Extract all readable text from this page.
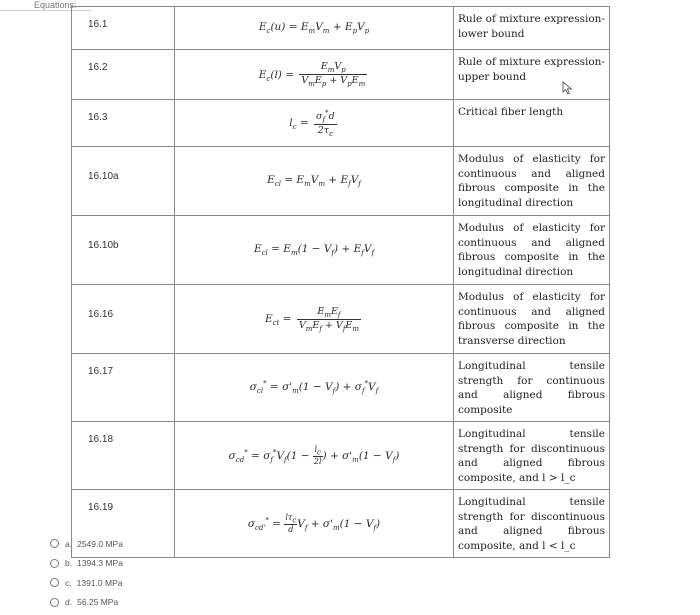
Equations:
16.1	$E_c(u) = E_mV_m + E_pV_p$	Rule of mixture expression- lower bound
16.2	$E_c(l) = \frac{E_mV_p}{V_mE_p + V_pE_m}$	Rule of mixture expression- upper bound
16.3	$l_c = \frac{\sigma_f^*d}{2\tau_c}$	Critical fiber length
16.10a	$E_{cl} = E_mV_m + E_fV_f$	Modulus of elasticity for continuous and aligned fibrous composite in the longitudinal direction
16.10b	$E_{cl} = E_m(1 - V_f) + E_fV_f$	Modulus of elasticity for continuous and aligned fibrous composite in the longitudinal direction
16.16	$E_{ct} = \frac{E_mE_f}{V_mE_f + V_fE_m}$	Modulus of elasticity for continuous and aligned fibrous composite in the transverse direction
16.17	$\sigma_{cl}^* = \sigma'_m(1 - V_f) + \sigma_f^*V_f$	Longitudinal tensile strength for continuous and aligned fibrous composite
16.18	$\sigma_{cd}^* = \sigma_f^*V_f(1 - \frac{l_c}{2l}$ ) + $\sigma'_m(1 - V_f)$	Longitudinal tensile strength for discontinuous and aligned fibrous composite, and l > l_c
16.19	$\sigma_{cd'}^* = \frac{l\tau_c}{d} V_f + \sigma'_m(1 - V_f)$	Longitudinal tensile strength for discontinuous and aligned fibrous composite, and l < l_c
a. 2549.0 MPa
b. 1394.3 MPa
c. 1391.0 MPa
d. 56.25 MPa
